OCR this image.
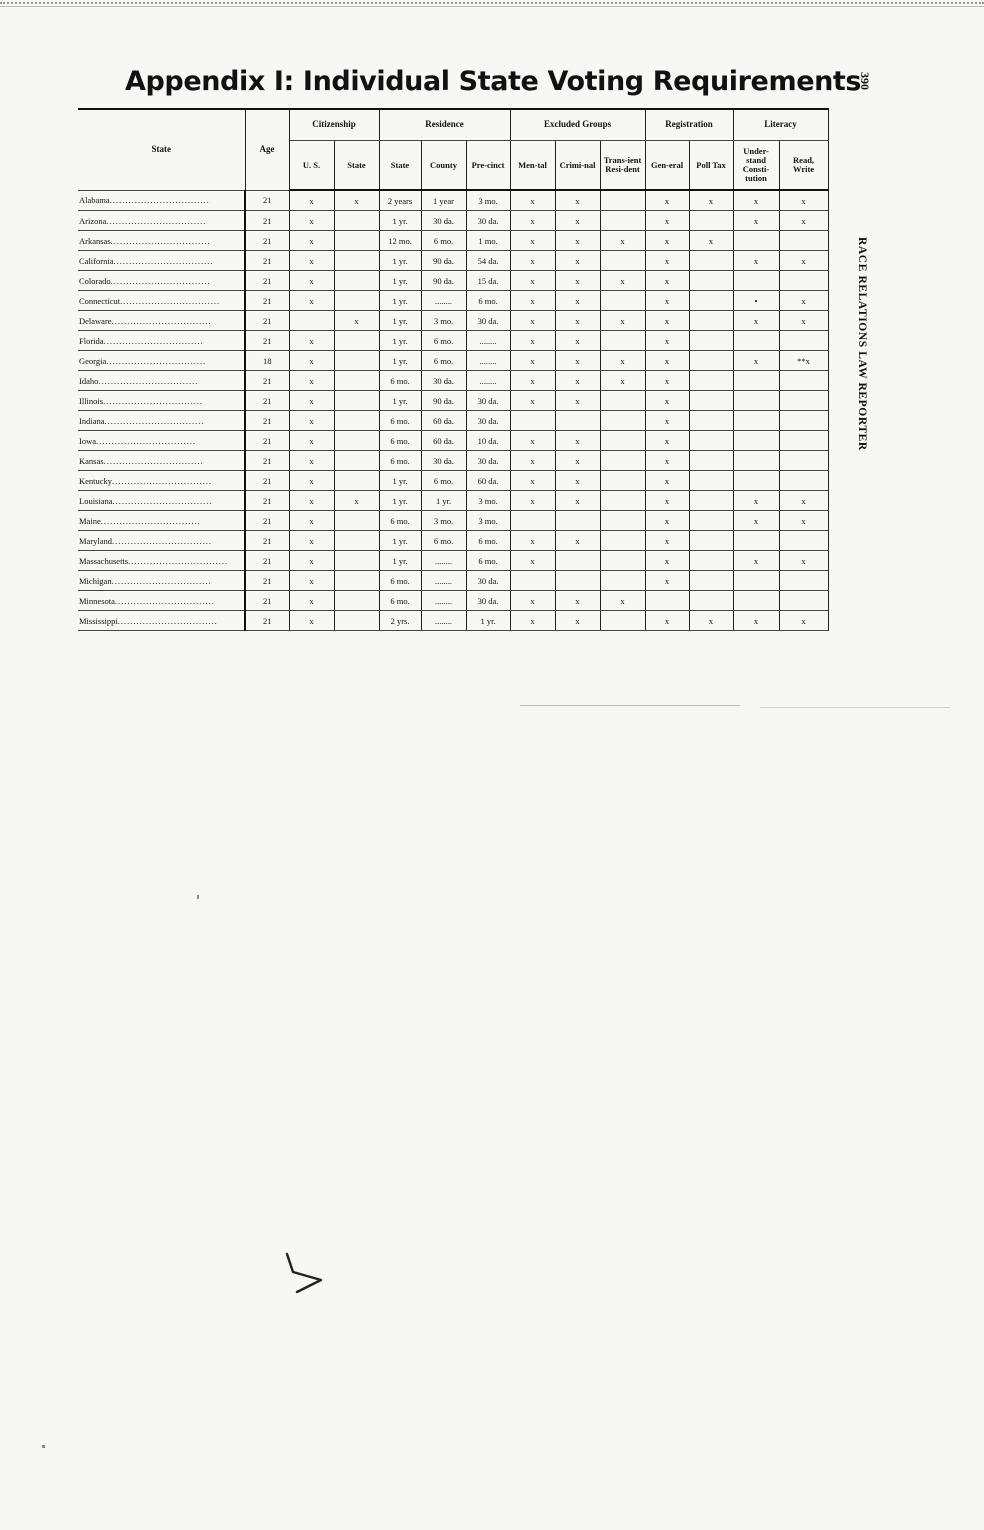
Appendix I: Individual State Voting Requirements
390
RACE RELATIONS LAW REPORTER
State	Age	Citizenship		Residence			Excluded Groups			Registration		Literacy	

		U. S.	State	State	County	Pre-cinct	Men-tal	Crimi-nal	Trans-ient Resi-dent	Gen-eral	Poll Tax	Under-stand Consti-tution	Read, Write

Alabama................................	21	x	x	2 years	1 year	3 mo.	x	x		x	x	x	x
Arizona................................	21	x		1 yr.	30 da.	30 da.	x	x		x		x	x
Arkansas................................	21	x		12 mo.	6 mo.	1 mo.	x	x	x	x	x		
California................................	21	x		1 yr.	90 da.	54 da.	x	x		x		x	x
Colorado................................	21	x		1 yr.	90 da.	15 da.	x	x	x	x			
Connecticut................................	21	x		1 yr.	........	6 mo.	x	x		x		•	x
Delaware................................	21		x	1 yr.	3 mo.	30 da.	x	x	x	x		x	x
Florida................................	21	x		1 yr.	6 mo.	........	x	x		x			
Georgia................................	18	x		1 yr.	6 mo.	........	x	x	x	x		x	**x
Idaho................................	21	x		6 mo.	30 da.	........	x	x	x	x			
Illinois................................	21	x		1 yr.	90 da.	30 da.	x	x		x			
Indiana................................	21	x		6 mo.	60 da.	30 da.				x			
Iowa................................	21	x		6 mo.	60 da.	10 da.	x	x		x			
Kansas................................	21	x		6 mo.	30 da.	30 da.	x	x		x			
Kentucky................................	21	x		1 yr.	6 mo.	60 da.	x	x		x			
Louisiana................................	21	x	x	1 yr.	1 yr.	3 mo.	x	x		x		x	x
Maine................................	21	x		6 mo.	3 mo.	3 mo.				x		x	x
Maryland................................	21	x		1 yr.	6 mo.	6 mo.	x	x		x			
Massachusetts................................	21	x		1 yr.	........	6 mo.	x			x		x	x
Michigan................................	21	x		6 mo.	........	30 da.				x			
Minnesota................................	21	x		6 mo.	........	30 da.	x	x	x				
Mississippi................................	21	x		2 yrs.	........	1 yr.	x	x		x	x	x	x
